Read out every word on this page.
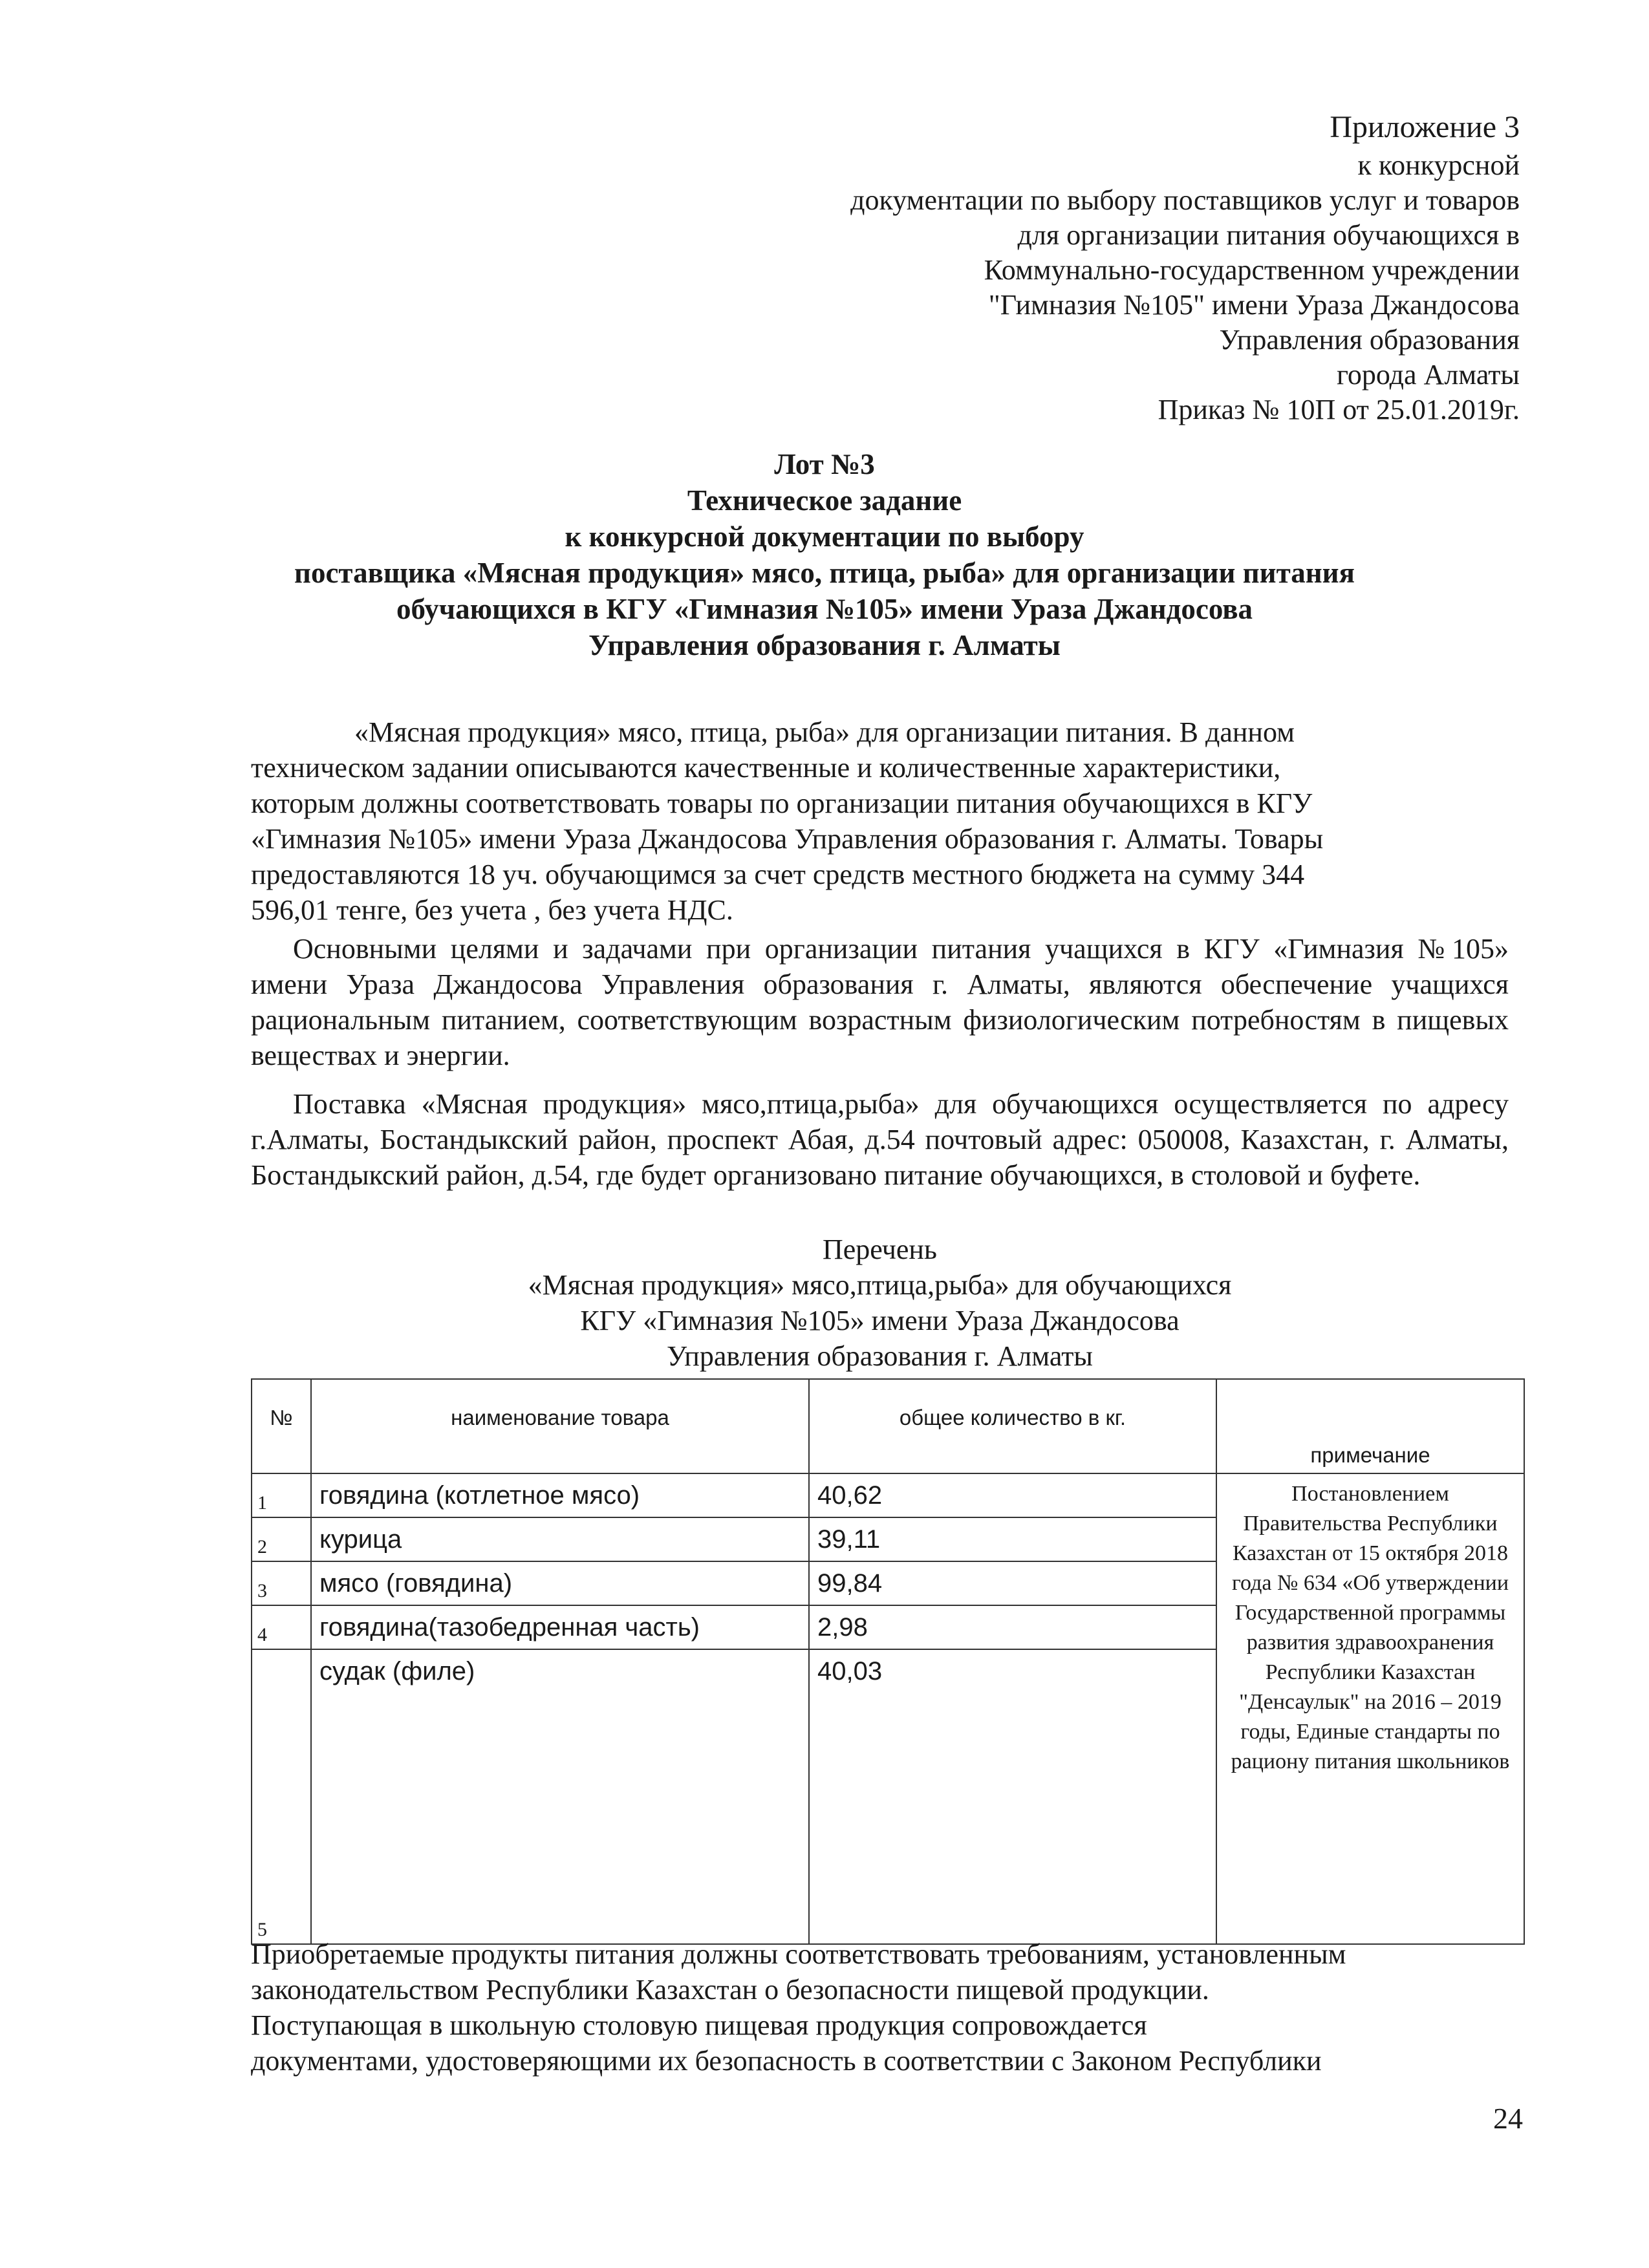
Приложение 3
к конкурсной
документации по выбору поставщиков услуг и товаров
для организации питания обучающихся в
Коммунально-государственном учреждении
"Гимназия №105" имени Ураза Джандосова
Управления образования
города Алматы
Приказ № 10П от 25.01.2019г.
Лот №3
Техническое задание
к конкурсной документации по выбору
поставщика «Мясная продукция» мясо, птица, рыба» для организации питания
обучающихся в КГУ «Гимназия №105» имени Ураза Джандосова
Управления образования г. Алматы
«Мясная продукция» мясо, птица, рыба» для организации питания. В данном
техническом задании описываются качественные и количественные характеристики,
которым должны соответствовать товары по организации питания обучающихся в КГУ
«Гимназия №105» имени Ураза Джандосова Управления образования г. Алматы. Товары
предоставляются 18 уч. обучающимся за счет средств местного бюджета на сумму 344
596,01 тенге, без учета , без учета НДС.
Основными целями и задачами при организации питания учащихся в КГУ «Гимназия №105» имени Ураза Джандосова Управления образования г. Алматы, являются обеспечение учащихся рациональным питанием, соответствующим возрастным физиологическим потребностям в пищевых веществах и энергии.
Поставка «Мясная продукция» мясо,птица,рыба» для обучающихся осуществляется по адресу г.Алматы, Бостандыкский район, проспект Абая, д.54 почтовый адрес: 050008, Казахстан, г. Алматы, Бостандыкский район, д.54, где будет организовано питание обучающихся, в столовой и буфете.
Перечень
«Мясная продукция» мясо,птица,рыба» для обучающихся
КГУ «Гимназия №105» имени Ураза Джандосова
Управления образования г. Алматы
№	наименование товара	общее количество в кг.	примечание
1	говядина (котлетное мясо)	40,62	Постановлением Правительства Республики Казахстан от 15 октября 2018 года № 634 «Об утверждении Государственной программы развития здравоохранения Республики Казахстан "Денсаулык" на 2016 – 2019 годы, Единые стандарты по рациону питания школьников
2	курица	39,11	
3	мясо (говядина)	99,84	
4	говядина(тазобедренная часть)	2,98	
5	судак (филе)	40,03	
Приобретаемые продукты питания должны соответствовать требованиям, установленным
законодательством Республики Казахстан о безопасности пищевой продукции.
Поступающая в школьную столовую пищевая продукция сопровождается
документами, удостоверяющими их безопасность в соответствии с Законом Республики
24
